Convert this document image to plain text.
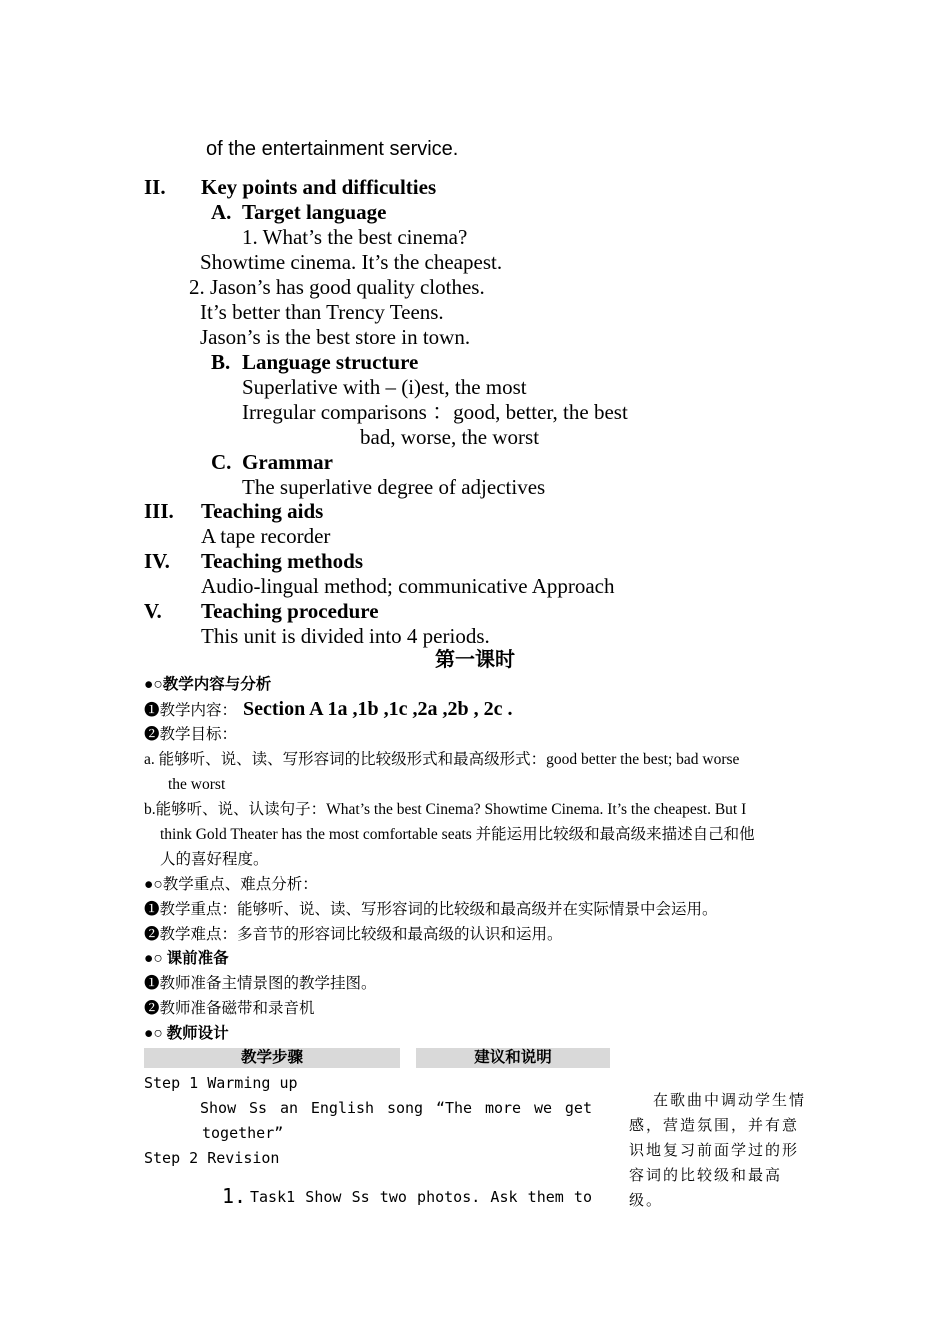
of the entertainment service.
II. Key points and difficulties
A. Target language
1. What’s the best cinema?
Showtime cinema. It’s the cheapest.
2. Jason’s has good quality clothes.
It’s better than Trency Teens.
Jason’s is the best store in town.
B. Language structure
Superlative with – (i)est, the most
Irregular comparisons ：good, better, the best
bad, worse, the worst
C. Grammar
The superlative degree of adjectives
III. Teaching aids
A tape recorder
IV. Teaching methods
Audio-lingual method; communicative Approach
V. Teaching procedure
This unit is divided into 4 periods.
第一课时
●○教学内容与分析
❶教学内容： Section A 1a ,1b ,1c ,2a ,2b , 2c .
❷教学目标：
a. 能够听、说、读、写形容词的比较级形式和最高级形式：good better the best; bad worse
the worst
b.能够听、说、认读句子：What’s the best Cinema? Showtime Cinema. It’s the cheapest. But I
think Gold Theater has the most comfortable seats 并能运用比较级和最高级来描述自己和他
人的喜好程度。
●○教学重点、难点分析：
❶教学重点：能够听、说、读、写形容词的比较级和最高级并在实际情景中会运用。
❷教学难点：多音节的形容词比较级和最高级的认识和运用。
●○ 课前准备
❶教师准备主情景图的教学挂图。
❷教师准备磁带和录音机
●○ 教师设计
教学步骤	建议和说明
Step 1 Warming up
Show Ss an English song “The more we get
together”
Step 2 Revision
1. Task1 Show Ss two photos. Ask them to
在歌曲中调动学生情
感，营造氛围，并有意
识地复习前面学过的形
容词的比较级和最高
级。
